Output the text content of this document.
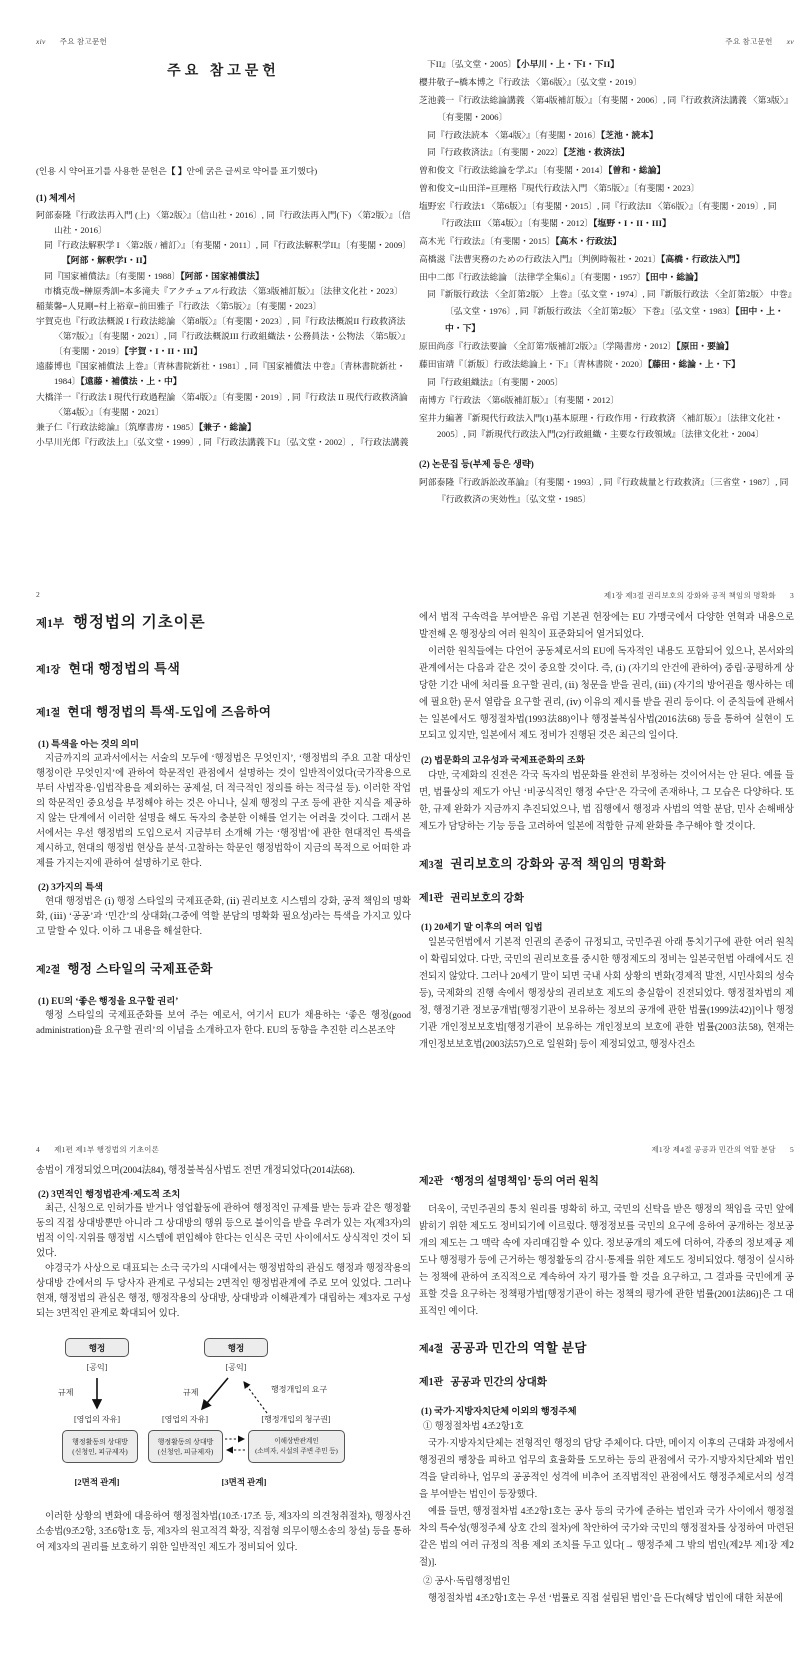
xiv 주요 참고문헌
주요 참고문헌
(인용 시 약어표기를 사용한 문헌은【 】안에 굵은 글씨로 약어를 표기했다)
(1) 체계서
阿部泰隆『行政法再入門 (上) 〈第2版〉』〔信山社・2016〕, 同『行政法再入門(下) 〈第2版〉』〔信山社・2016〕
同『行政法解釈学 I 〈第2版 / 補訂〉』〔有斐閣・2011〕, 同『行政法解釈学II』〔有斐閣・2009〕【阿部・解釈学I・II】
同『国家補償法』〔有斐閣・1988〕【阿部・国家補償法】
市橋克哉=榊原秀訓=本多滝夫『アクチュアル行政法 〈第3版補訂版〉』〔法律文化社・2023〕
稲葉馨=人見剛=村上裕章=前田雅子『行政法 〈第5版〉』〔有斐閣・2023〕
宇賀克也『行政法概説 I 行政法総論 〈第8版〉』〔有斐閣・2023〕, 同『行政法概説II 行政救済法 〈第7版〉』〔有斐閣・2021〕, 同『行政法概説III 行政組織法・公務員法・公物法 〈第5版〉』〔有斐閣・2019〕【宇賀・I・II・III】
遠藤博也『国家補償法 上巻』〔青林書院新社・1981〕, 同『国家補償法 中巻』〔青林書院新社・1984〕【遠藤・補償法・上・中】
大橋洋一『行政法 I 現代行政過程論 〈第4版〉』〔有斐閣・2019〕, 同『行政法 II 現代行政救済論 〈第4版〉』〔有斐閣・2021〕
兼子仁『行政法総論』〔筑摩書房・1985〕【兼子・総論】
小早川光郎『行政法上』〔弘文堂・1999〕, 同『行政法講義下I』〔弘文堂・2002〕, 『行政法講義
주요 참고문헌 xv
下II』〔弘文堂・2005〕【小早川・上・下I・下II】
櫻井敬子=橋本博之『行政法 〈第6版〉』〔弘文堂・2019〕
芝池義一『行政法総論講義 〈第4版補訂版〉』〔有斐閣・2006〕, 同『行政救済法講義 〈第3版〉』〔有斐閣・2006〕
同『行政法読本 〈第4版〉』〔有斐閣・2016〕【芝池・読本】
同『行政救済法』〔有斐閣・2022〕【芝池・救済法】
曽和俊文『行政法総論を学ぶ』〔有斐閣・2014〕【曽和・総論】
曽和俊文=山田洋=亘理格『現代行政法入門 〈第5版〉』〔有斐閣・2023〕
塩野宏『行政法1 〈第6版〉』〔有斐閣・2015〕, 同『行政法II 〈第6版〉』〔有斐閣・2019〕, 同『行政法III 〈第4版〉』〔有斐閣・2012〕【塩野・I・II・III】
高木光『行政法』〔有斐閣・2015〕【高木・行政法】
高橋滋『法曹実務のための行政法入門』〔判例時報社・2021〕【高橋・行政法入門】
田中二郎『行政法総論 〔法律学全集6〕』〔有斐閣・1957〕【田中・総論】
同『新版行政法 〈全訂第2版〉 上巻』〔弘文堂・1974〕, 同『新版行政法 〈全訂第2版〉 中巻』〔弘文堂・1976〕, 同『新版行政法 〈全訂第2版〉 下巻』〔弘文堂・1983〕【田中・上・中・下】
原田尚彦『行政法要論 〈全訂第7版補訂2版〉』〔学陽書房・2012〕【原田・要論】
藤田宙靖『〔新版〕行政法総論上・下』〔青林書院・2020〕【藤田・総論・上・下】
同『行政組織法』〔有斐閣・2005〕
南博方『行政法 〈第6版補訂版〉』〔有斐閣・2012〕
室井力編著『新現代行政法入門(1)基本原理・行政作用・行政救済 〈補訂版〉』〔法律文化社・2005〕, 同『新現代行政法入門(2)行政組織・主要な行政領域』〔法律文化社・2004〕
(2) 논문집 등(부제 등은 생략)
阿部泰隆『行政訴訟改革論』〔有斐閣・1993〕, 同『行政裁量と行政救済』〔三省堂・1987〕, 同『行政救済の実効性』〔弘文堂・1985〕
2
제1부 행정법의 기초이론
제1장 현대 행정법의 특색
제1절 현대 행정법의 특색-도입에 즈음하여
(1) 특색을 아는 것의 의미
지금까지의 교과서에서는 서술의 모두에 ‘행정법은 무엇인지’, ‘행정법의 주요 고찰 대상인 행정이란 무엇인지’에 관하여 학문적인 관점에서 설명하는 것이 일반적이었다(국가작용으로부터 사법작용·입법작용을 제외하는 공제설, 더 적극적인 정의를 하는 적극설 등). 이러한 작업의 학문적인 중요성을 부정해야 하는 것은 아니나, 실제 행정의 구조 등에 관한 지식을 제공하지 않는 단계에서 이러한 설명을 해도 독자의 충분한 이해를 얻기는 어려울 것이다. 그래서 본서에서는 우선 행정법의 도입으로서 지금부터 소개해 가는 ‘행정법’에 관한 현대적인 특색을 제시하고, 현대의 행정법 현상을 분석·고찰하는 학문인 행정법학이 지금의 목적으로 어떠한 과제를 가지는지에 관하여 설명하기로 한다.
(2) 3가지의 특색
현대 행정법은 (ⅰ) 행정 스타일의 국제표준화, (ⅱ) 권리보호 시스템의 강화, 공적 책임의 명확화, (ⅲ) ‘공공’과 ‘민간’의 상대화(그중에 역할 분담의 명확화 필요성)라는 특색을 가지고 있다고 말할 수 있다. 이하 그 내용을 해설한다.
제2절 행정 스타일의 국제표준화
(1) EU의 ‘좋은 행정을 요구할 권리’
행정 스타일의 국제표준화를 보여 주는 예로서, 여기서 EU가 채용하는 ‘좋은 행정(good administration)을 요구할 권리’의 이념을 소개하고자 한다. EU의 동향을 추진한 리스본조약
제1장 제3절 권리보호의 강화와 공적 책임의 명확화 3
에서 법적 구속력을 부여받은 유럽 기본권 헌장에는 EU 가맹국에서 다양한 연혁과 내용으로 발전해 온 행정상의 여러 원칙이 표준화되어 열거되었다.
이러한 원칙들에는 다언어 공동체로서의 EU에 독자적인 내용도 포함되어 있으나, 본서와의 관계에서는 다음과 같은 것이 중요할 것이다. 즉, (ⅰ) (자기의 안건에 관하여) 중립·공평하게 상당한 기간 내에 처리를 요구할 권리, (ⅱ) 청문을 받을 권리, (ⅲ) (자기의 방어권을 행사하는 데에 필요한) 문서 열람을 요구할 권리, (ⅳ) 이유의 제시를 받을 권리 등이다. 이 준칙들에 관해서는 일본에서도 행정절차법(1993法88)이나 행정불복심사법(2016法68) 등을 통하여 실현이 도모되고 있지만, 일본에서 제도 정비가 진행된 것은 최근의 일이다.
(2) 법문화의 고유성과 국제표준화의 조화
다만, 국제화의 진전은 각국 독자의 법문화를 완전히 부정하는 것이어서는 안 된다. 예를 들면, 법률상의 제도가 아닌 ‘비공식적인 행정 수단’은 각국에 존재하나, 그 모습은 다양하다. 또한, 규제 완화가 지금까지 추진되었으나, 법 집행에서 행정과 사법의 역할 분담, 민사 손해배상 제도가 담당하는 기능 등을 고려하여 일본에 적합한 규제 완화를 추구해야 할 것이다.
제3절 권리보호의 강화와 공적 책임의 명확화
제1관 권리보호의 강화
(1) 20세기 말 이후의 여러 입법
일본국헌법에서 기본적 인권의 존중이 규정되고, 국민주권 아래 통치기구에 관한 여러 원칙이 확립되었다. 다만, 국민의 권리보호를 중시한 행정제도의 정비는 일본국헌법 아래에서도 진전되지 않았다. 그러나 20세기 말이 되면 국내 사회 상황의 변화(경제적 발전, 시민사회의 성숙 등), 국제화의 진행 속에서 행정상의 권리보호 제도의 충실함이 진전되었다. 행정절차법의 제정, 행정기관 정보공개법[행정기관이 보유하는 정보의 공개에 관한 법률(1999法42)]이나 행정기관 개인정보보호법[행정기관이 보유하는 개인정보의 보호에 관한 법률(2003法58), 현재는 개인정보보호법(2003法57)으로 일원화] 등이 제정되었고, 행정사건소
4 제1편 제1부 행정법의 기초이론
송법이 개정되었으며(2004法84), 행정불복심사법도 전면 개정되었다(2014法68).
(2) 3면적인 행정법관계·제도적 조치
최근, 신청으로 인허가를 받거나 영업활동에 관하여 행정적인 규제를 받는 등과 같은 행정활동의 직접 상대방뿐만 아니라 그 상대방의 행위 등으로 불이익을 받을 우려가 있는 자(제3자)의 법적 이익·지위를 행정법 시스템에 편입해야 한다는 인식은 국민 사이에서도 상식적인 것이 되었다.
야경국가 사상으로 대표되는 소극 국가의 시대에서는 행정법학의 관심도 행정과 행정작용의 상대방 간에서의 두 당사자 관계로 구성되는 2면적인 행정법관계에 주로 모여 있었다. 그러나 현재, 행정법의 관심은 행정, 행정작용의 상대방, 상대방과 이해관계가 대립하는 제3자로 구성되는 3면적인 관계로 확대되어 있다.
행정
[공익]
규제
[영업의 자유]
행정활동의 상대방
(신청인, 피규제자)
[2면적 관계]
행정
[공익]
규제	행정개입의 요구
[영업의 자유]	[행정개입의 청구권]
행정활동의 상대방
(신청인, 피규제자)
이해상반관계인
(소비자, 시설의 주변 주민 등)
[3면적 관계]
이러한 상황의 변화에 대응하여 행정절차법(10조·17조 등, 제3자의 의견청취절차), 행정사건소송법(9조2항, 3조6항1호 등, 제3자의 원고적격 확장, 직접형 의무이행소송의 창설) 등을 통하여 제3자의 권리를 보호하기 위한 일반적인 제도가 정비되어 있다.
제1장 제4절 공공과 민간의 역할 분담 5
제2관 ‘행정의 설명책임’ 등의 여러 원칙
더욱이, 국민주권의 통치 원리를 명확히 하고, 국민의 신탁을 받은 행정의 책임을 국민 앞에 밝히기 위한 제도도 정비되기에 이르렀다. 행정정보를 국민의 요구에 응하여 공개하는 정보공개의 제도는 그 맥락 속에 자리매김할 수 있다. 정보공개의 제도에 더하여, 각종의 정보제공 제도나 행정평가 등에 근거하는 행정활동의 감시·통제를 위한 제도도 정비되었다. 행정이 실시하는 정책에 관하여 조직적으로 계속하여 자기 평가를 할 것을 요구하고, 그 결과를 국민에게 공표할 것을 요구하는 정책평가법[행정기관이 하는 정책의 평가에 관한 법률(2001法86)]은 그 대표적인 예이다.
제4절 공공과 민간의 역할 분담
제1관 공공과 민간의 상대화
(1) 국가·지방자치단체 이외의 행정주체
① 행정절차법 4조2항1호
국가·지방자치단체는 전형적인 행정의 담당 주체이다. 다만, 메이지 이후의 근대화 과정에서 행정권의 팽창을 피하고 업무의 효율화를 도모하는 등의 관점에서 국가·지방자치단체와 법인격을 달리하나, 업무의 공공적인 성격에 비추어 조직법적인 관점에서도 행정주체로서의 성격을 부여받는 법인이 등장했다.
예를 들면, 행정절차법 4조2항1호는 공사 등의 국가에 준하는 법인과 국가 사이에서 행정절차의 특수성(행정주체 상호 간의 절차)에 착안하여 국가와 국민의 행정절차를 상정하여 마련된 같은 법의 여러 규정의 적용 제외 조치를 두고 있다[→ 행정주체 그 밖의 법인(제2부 제1장 제2절)].
② 공사·독립행정법인
행정절차법 4조2항1호는 우선 ‘법률로 직접 설립된 법인’을 든다(해당 법인에 대한 처분에
